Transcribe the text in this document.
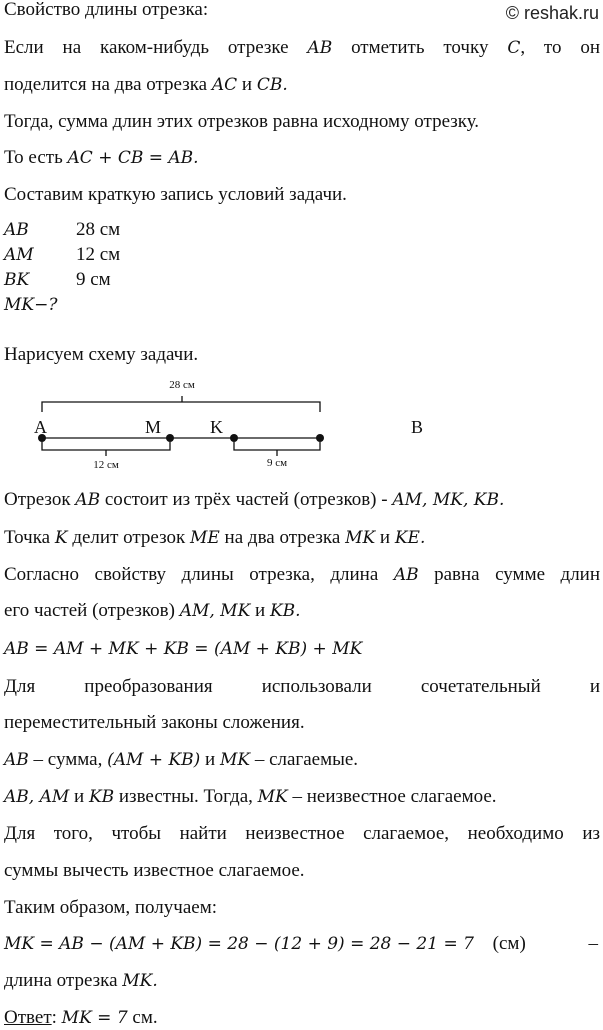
© reshak.ru
Свойство длины отрезка:
Если на каком-нибудь отрезке AB отметить точку C, то он
поделится на два отрезка AC и CB.
Тогда, сумма длин этих отрезков равна исходному отрезку.
То есть AC + CB = AB.
Составим краткую запись условий задачи.
AB 28 см
AM 12 см
BK 9 см
MK−?
Нарисуем схему задачи.
28 см
A	M	K	B
12 см	9 см
Отрезок AB состоит из трёх частей (отрезков) - AM, MK, KB.
Точка K делит отрезок ME на два отрезка MK и KE.
Согласно свойству длины отрезка, длина AB равна сумме длин
его частей (отрезков) AM, MK и KB.
AB = AM + MK + KB = (AM + KB) + MK
Для преобразования использовали сочетательный и
переместительный законы сложения.
AB – сумма, (AM + KB) и MK – слагаемые.
AB, AM и KB известны. Тогда, MK – неизвестное слагаемое.
Для того, чтобы найти неизвестное слагаемое, необходимо из
суммы вычесть известное слагаемое.
Таким образом, получаем:
MK = AB − (AM + KB) = 28 − (12 + 9) = 28 − 21 = 7 (см)	–
длина отрезка MK.
Ответ: MK = 7 см.
